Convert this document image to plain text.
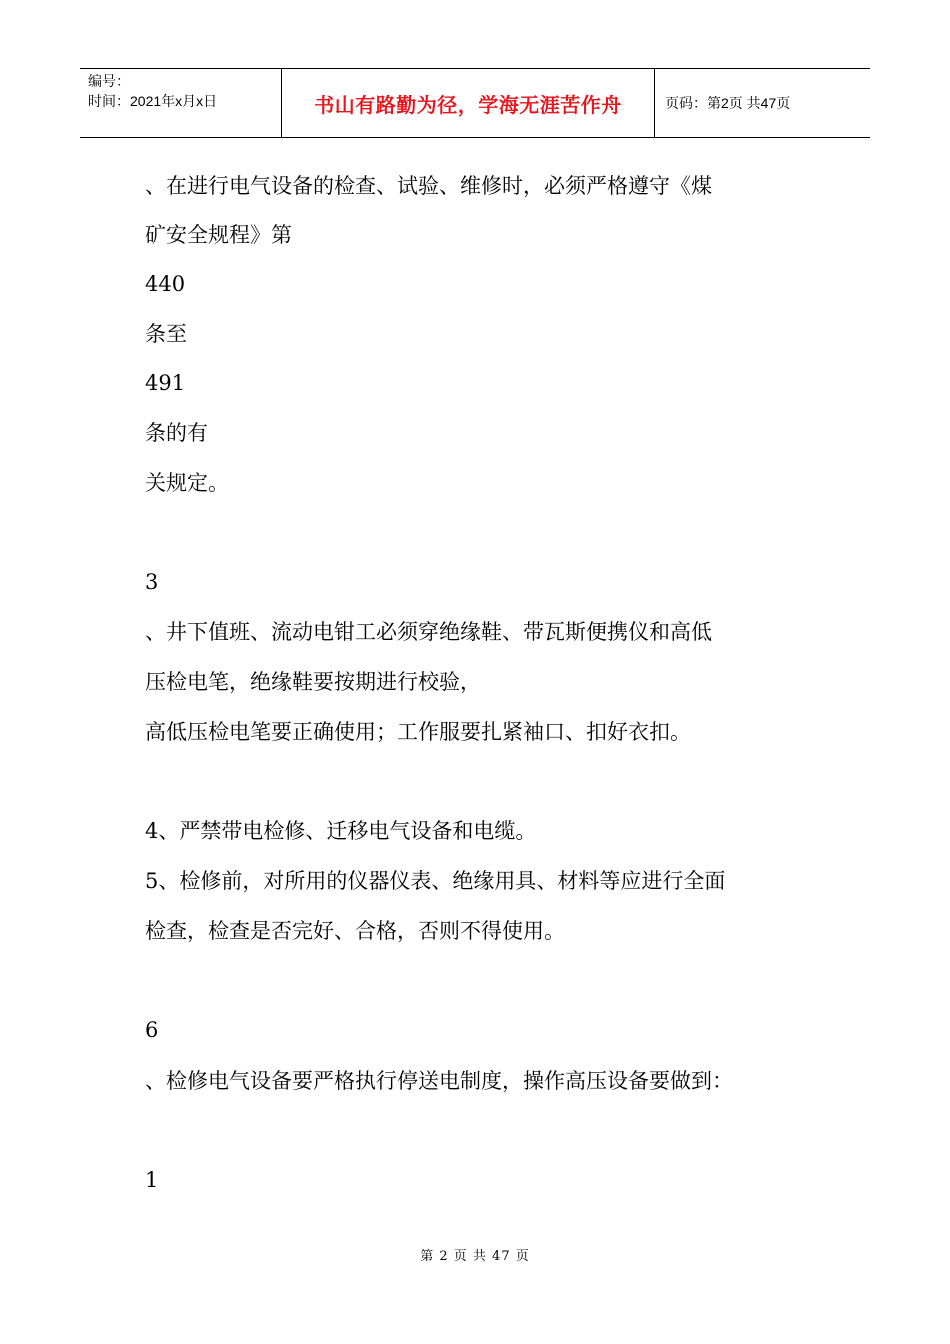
编号：
时间：2021年x月x日	书山有路勤为径，学海无涯苦作舟	页码：第2页 共47页
、在进行电气设备的检查、试验、维修时，必须严格遵守《煤
矿安全规程》第
440
条至
491
条的有
关规定。
3
、井下值班、流动电钳工必须穿绝缘鞋、带瓦斯便携仪和高低
压检电笔，绝缘鞋要按期进行校验，
高低压检电笔要正确使用；工作服要扎紧袖口、扣好衣扣。
4、严禁带电检修、迁移电气设备和电缆。
5、检修前，对所用的仪器仪表、绝缘用具、材料等应进行全面
检查，检查是否完好、合格，否则不得使用。
6
、检修电气设备要严格执行停送电制度，操作高压设备要做到：
1
第 2 页 共 47 页
